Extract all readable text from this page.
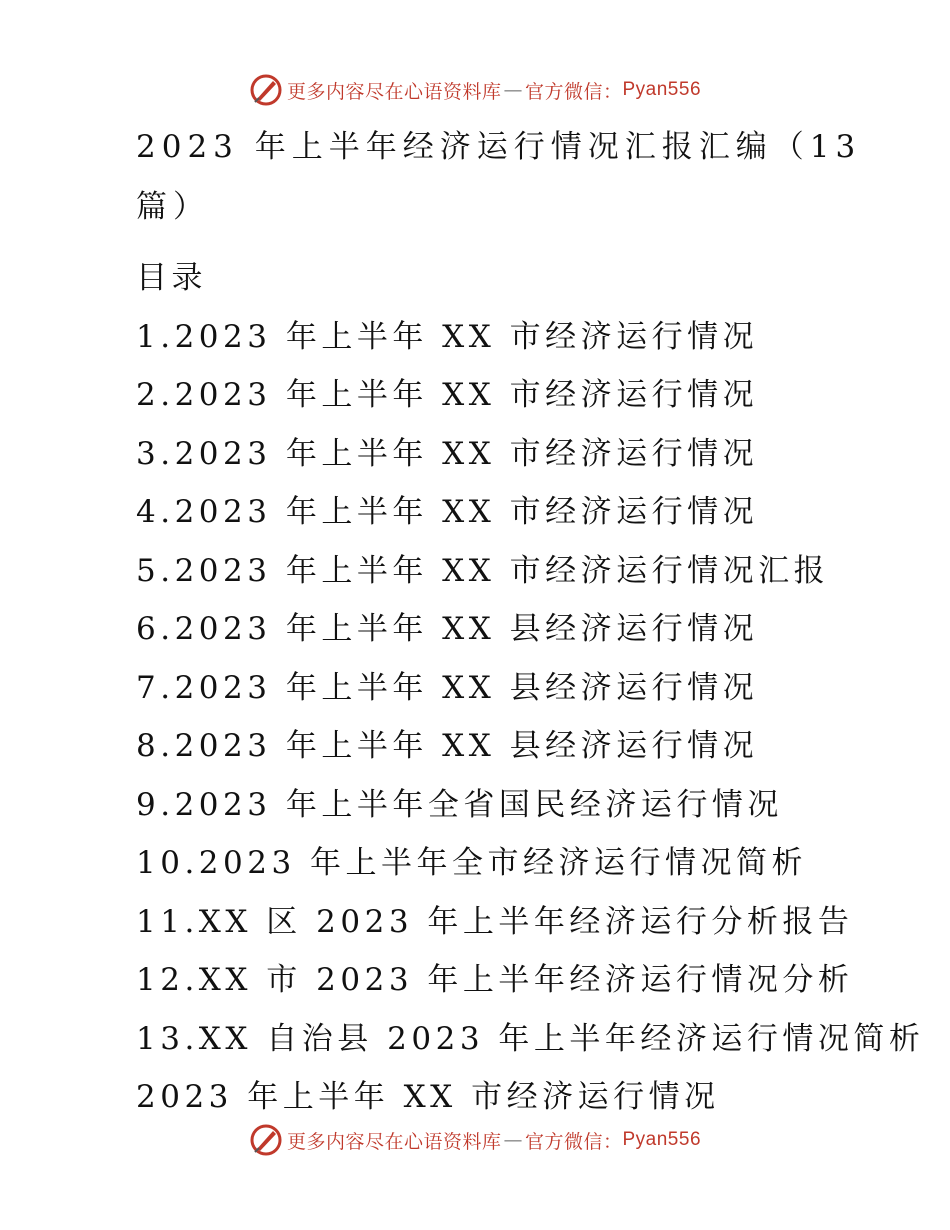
更多内容尽在心语资料库 — 官方微信： Pyan556
2023 年上半年经济运行情况汇报汇编（13篇）

目录

1.2023 年上半年 XX 市经济运行情况
2.2023 年上半年 XX 市经济运行情况
3.2023 年上半年 XX 市经济运行情况
4.2023 年上半年 XX 市经济运行情况
5.2023 年上半年 XX 市经济运行情况汇报
6.2023 年上半年 XX 县经济运行情况
7.2023 年上半年 XX 县经济运行情况
8.2023 年上半年 XX 县经济运行情况
9.2023 年上半年全省国民经济运行情况
10.2023 年上半年全市经济运行情况简析
11.XX 区 2023 年上半年经济运行分析报告
12.XX 市 2023 年上半年经济运行情况分析
13.XX 自治县 2023 年上半年经济运行情况简析

2023 年上半年 XX 市经济运行情况

更多内容尽在心语资料库 — 官方微信： Pyan556
